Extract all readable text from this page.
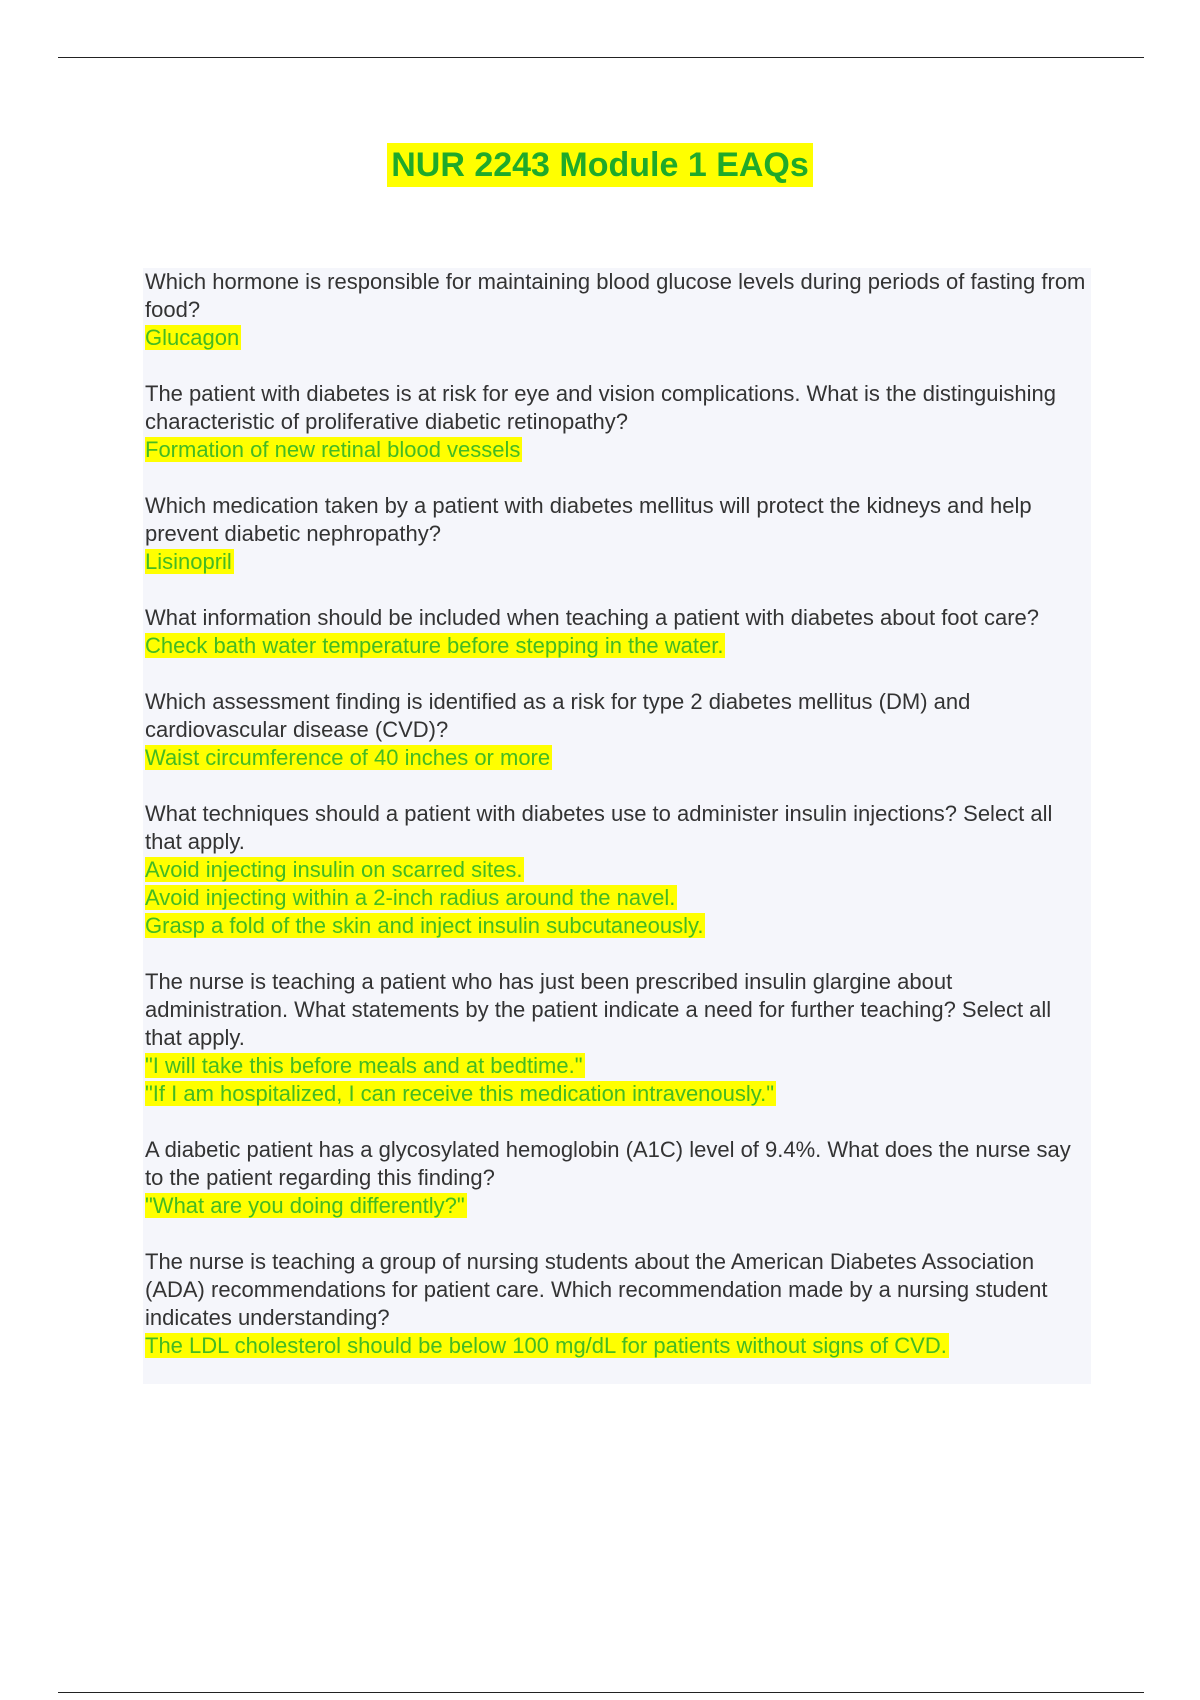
NUR 2243 Module 1 EAQs
Which hormone is responsible for maintaining blood glucose levels during periods of fasting from food?
Glucagon
The patient with diabetes is at risk for eye and vision complications. What is the distinguishing characteristic of proliferative diabetic retinopathy?
Formation of new retinal blood vessels
Which medication taken by a patient with diabetes mellitus will protect the kidneys and help prevent diabetic nephropathy?
Lisinopril
What information should be included when teaching a patient with diabetes about foot care?
Check bath water temperature before stepping in the water.
Which assessment finding is identified as a risk for type 2 diabetes mellitus (DM) and cardiovascular disease (CVD)?
Waist circumference of 40 inches or more
What techniques should a patient with diabetes use to administer insulin injections? Select all that apply.
Avoid injecting insulin on scarred sites.
Avoid injecting within a 2-inch radius around the navel.
Grasp a fold of the skin and inject insulin subcutaneously.
The nurse is teaching a patient who has just been prescribed insulin glargine about administration. What statements by the patient indicate a need for further teaching? Select all that apply.
"I will take this before meals and at bedtime."
"If I am hospitalized, I can receive this medication intravenously."
A diabetic patient has a glycosylated hemoglobin (A1C) level of 9.4%. What does the nurse say to the patient regarding this finding?
"What are you doing differently?"
The nurse is teaching a group of nursing students about the American Diabetes Association (ADA) recommendations for patient care. Which recommendation made by a nursing student indicates understanding?
The LDL cholesterol should be below 100 mg/dL for patients without signs of CVD.
